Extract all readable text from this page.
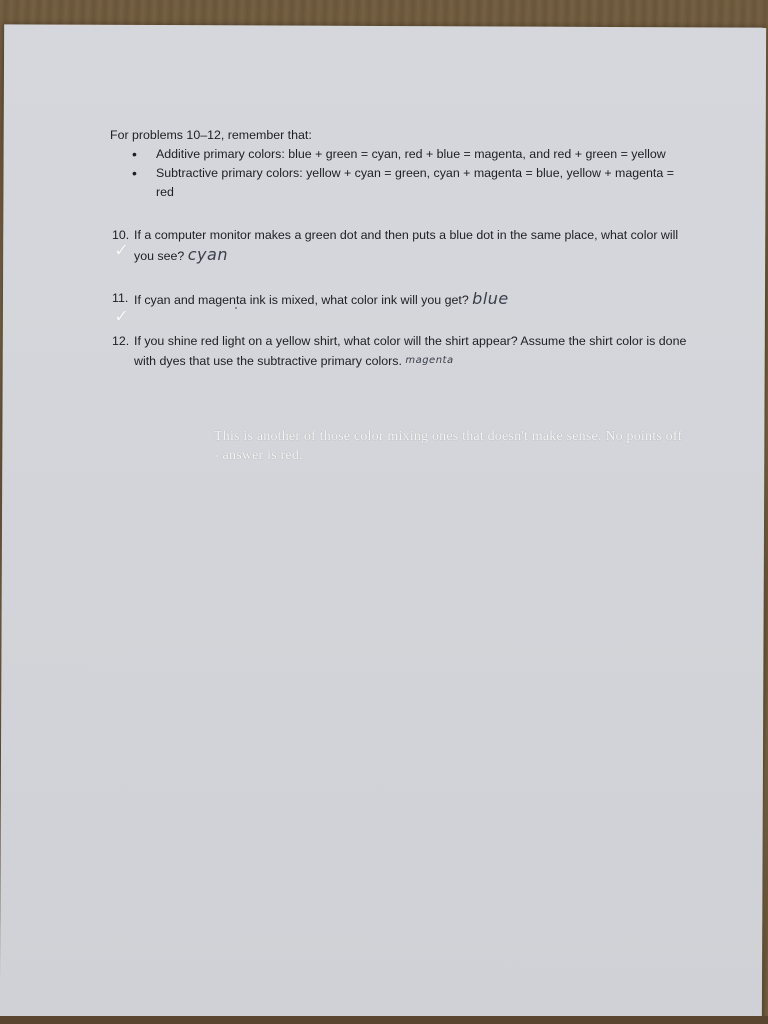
For problems 10–12, remember that:

• Additive primary colors: blue + green = cyan, red + blue = magenta, and red + green = yellow
• Subtractive primary colors: yellow + cyan = green, cyan + magenta = blue, yellow + magenta = red

10. If a computer monitor makes a green dot and then puts a blue dot in the same place, what color will you see? cyan

11. If cyan and magenta ink is mixed, what color ink will you get? blue

12. If you shine red light on a yellow shirt, what color will the shirt appear? Assume the shirt color is done with dyes that use the subtractive primary colors. magenta

✓
✓
This is another of those color mixing ones that doesn't make sense. No points off - answer is red.
